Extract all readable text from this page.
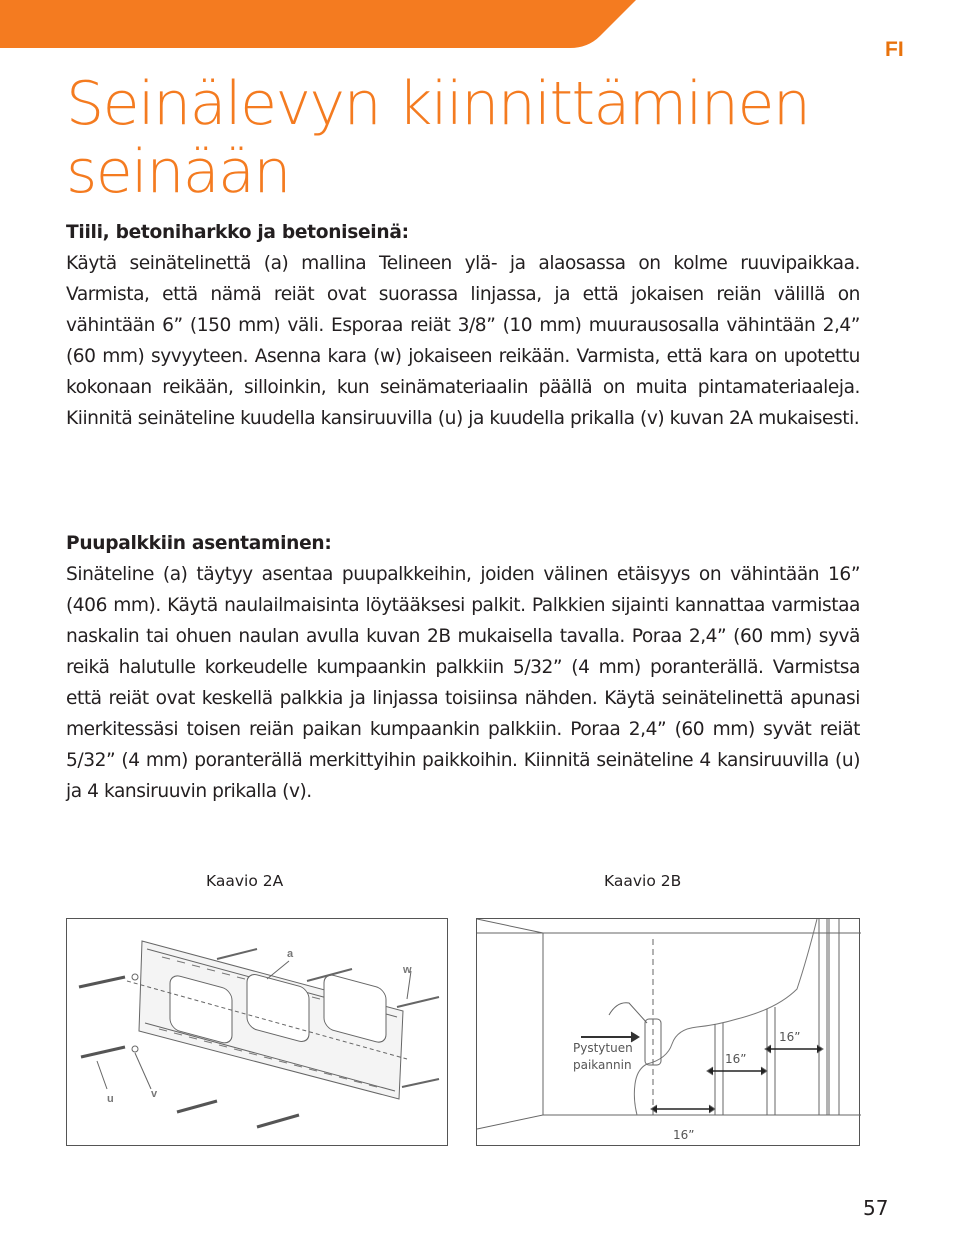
FI
Seinälevyn kiinnittäminen seinään
Tiili, betoniharkko ja betoniseinä:

Käytä seinätelinettä (a) mallina Telineen ylä- ja alaosassa on kolme ruuvipaikkaa. Varmista, että nämä reiät ovat suorassa linjassa, ja että jokaisen reiän välillä on vähintään 6” (150 mm) väli. Esporaa reiät 3/8” (10 mm) muurausosalla vähintään 2,4” (60 mm) syvyyteen. Asenna kara (w) jokaiseen reikään. Varmista, että kara on upotettu kokonaan reikään, silloinkin, kun seinämateriaalin päällä on muita pintamateriaaleja. Kiinnitä seinäteline kuudella kansiruuvilla (u) ja kuudella prikalla (v) kuvan 2A mukaisesti.

Puupalkkiin asentaminen:

Sinäteline (a) täytyy asentaa puupalkkeihin, joiden välinen etäisyys on vähintään 16” (406 mm). Käytä naulailmaisinta löytääksesi palkit. Palkkien sijainti kannattaa varmistaa naskalin tai ohuen naulan avulla kuvan 2B mukaisella tavalla. Poraa 2,4” (60 mm) syvä reikä halutulle korkeudelle kumpaankin palkkiin 5/32” (4 mm) poranterällä. Varmistsa että reiät ovat keskellä palkkia ja linjassa toisiinsa nähden. Käytä seinätelinettä apunasi merkitessäsi toisen reiän paikan kumpaankin palkkiin. Poraa 2,4” (60 mm) syvät reiät 5/32” (4 mm) poranterällä merkittyihin paikkoihin. Kiinnitä seinäteline 4 kansiruuvilla (u) ja 4 kansiruuvin prikalla (v).

Kaavio 2A	Kaavio 2B
a
w
u	v
Pystytuen
paikannin
16”
16”
16”
57
